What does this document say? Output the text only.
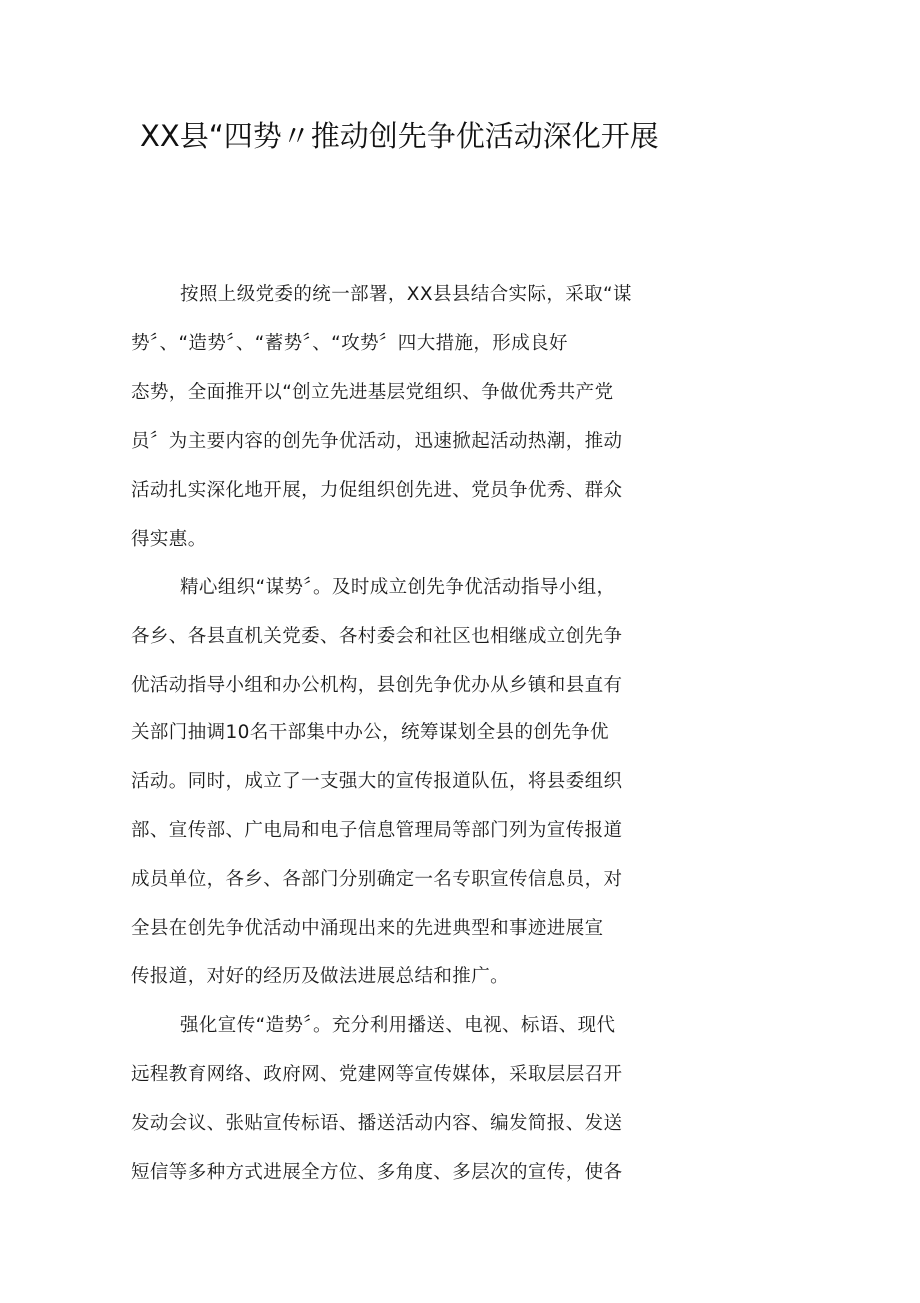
XX县“四势〃推动创先争优活动深化开展
按照上级党委的统一部署，XX县县结合实际，采取“谋
势〞、“造势〞、“蓄势〞、“攻势〞四大措施，形成良好
态势，全面推开以“创立先进基层党组织、争做优秀共产党
员〞为主要内容的创先争优活动，迅速掀起活动热潮，推动
活动扎实深化地开展，力促组织创先进、党员争优秀、群众
得实惠。
精心组织“谋势〞。及时成立创先争优活动指导小组，
各乡、各县直机关党委、各村委会和社区也相继成立创先争
优活动指导小组和办公机构，县创先争优办从乡镇和县直有
关部门抽调10名干部集中办公，统筹谋划全县的创先争优
活动。同时，成立了一支强大的宣传报道队伍，将县委组织
部、宣传部、广电局和电子信息管理局等部门列为宣传报道
成员单位，各乡、各部门分别确定一名专职宣传信息员，对
全县在创先争优活动中涌现出来的先进典型和事迹进展宣
传报道，对好的经历及做法进展总结和推广。
强化宣传“造势〞。充分利用播送、电视、标语、现代
远程教育网络、政府网、党建网等宣传媒体，采取层层召开
发动会议、张贴宣传标语、播送活动内容、编发简报、发送
短信等多种方式进展全方位、多角度、多层次的宣传，使各
